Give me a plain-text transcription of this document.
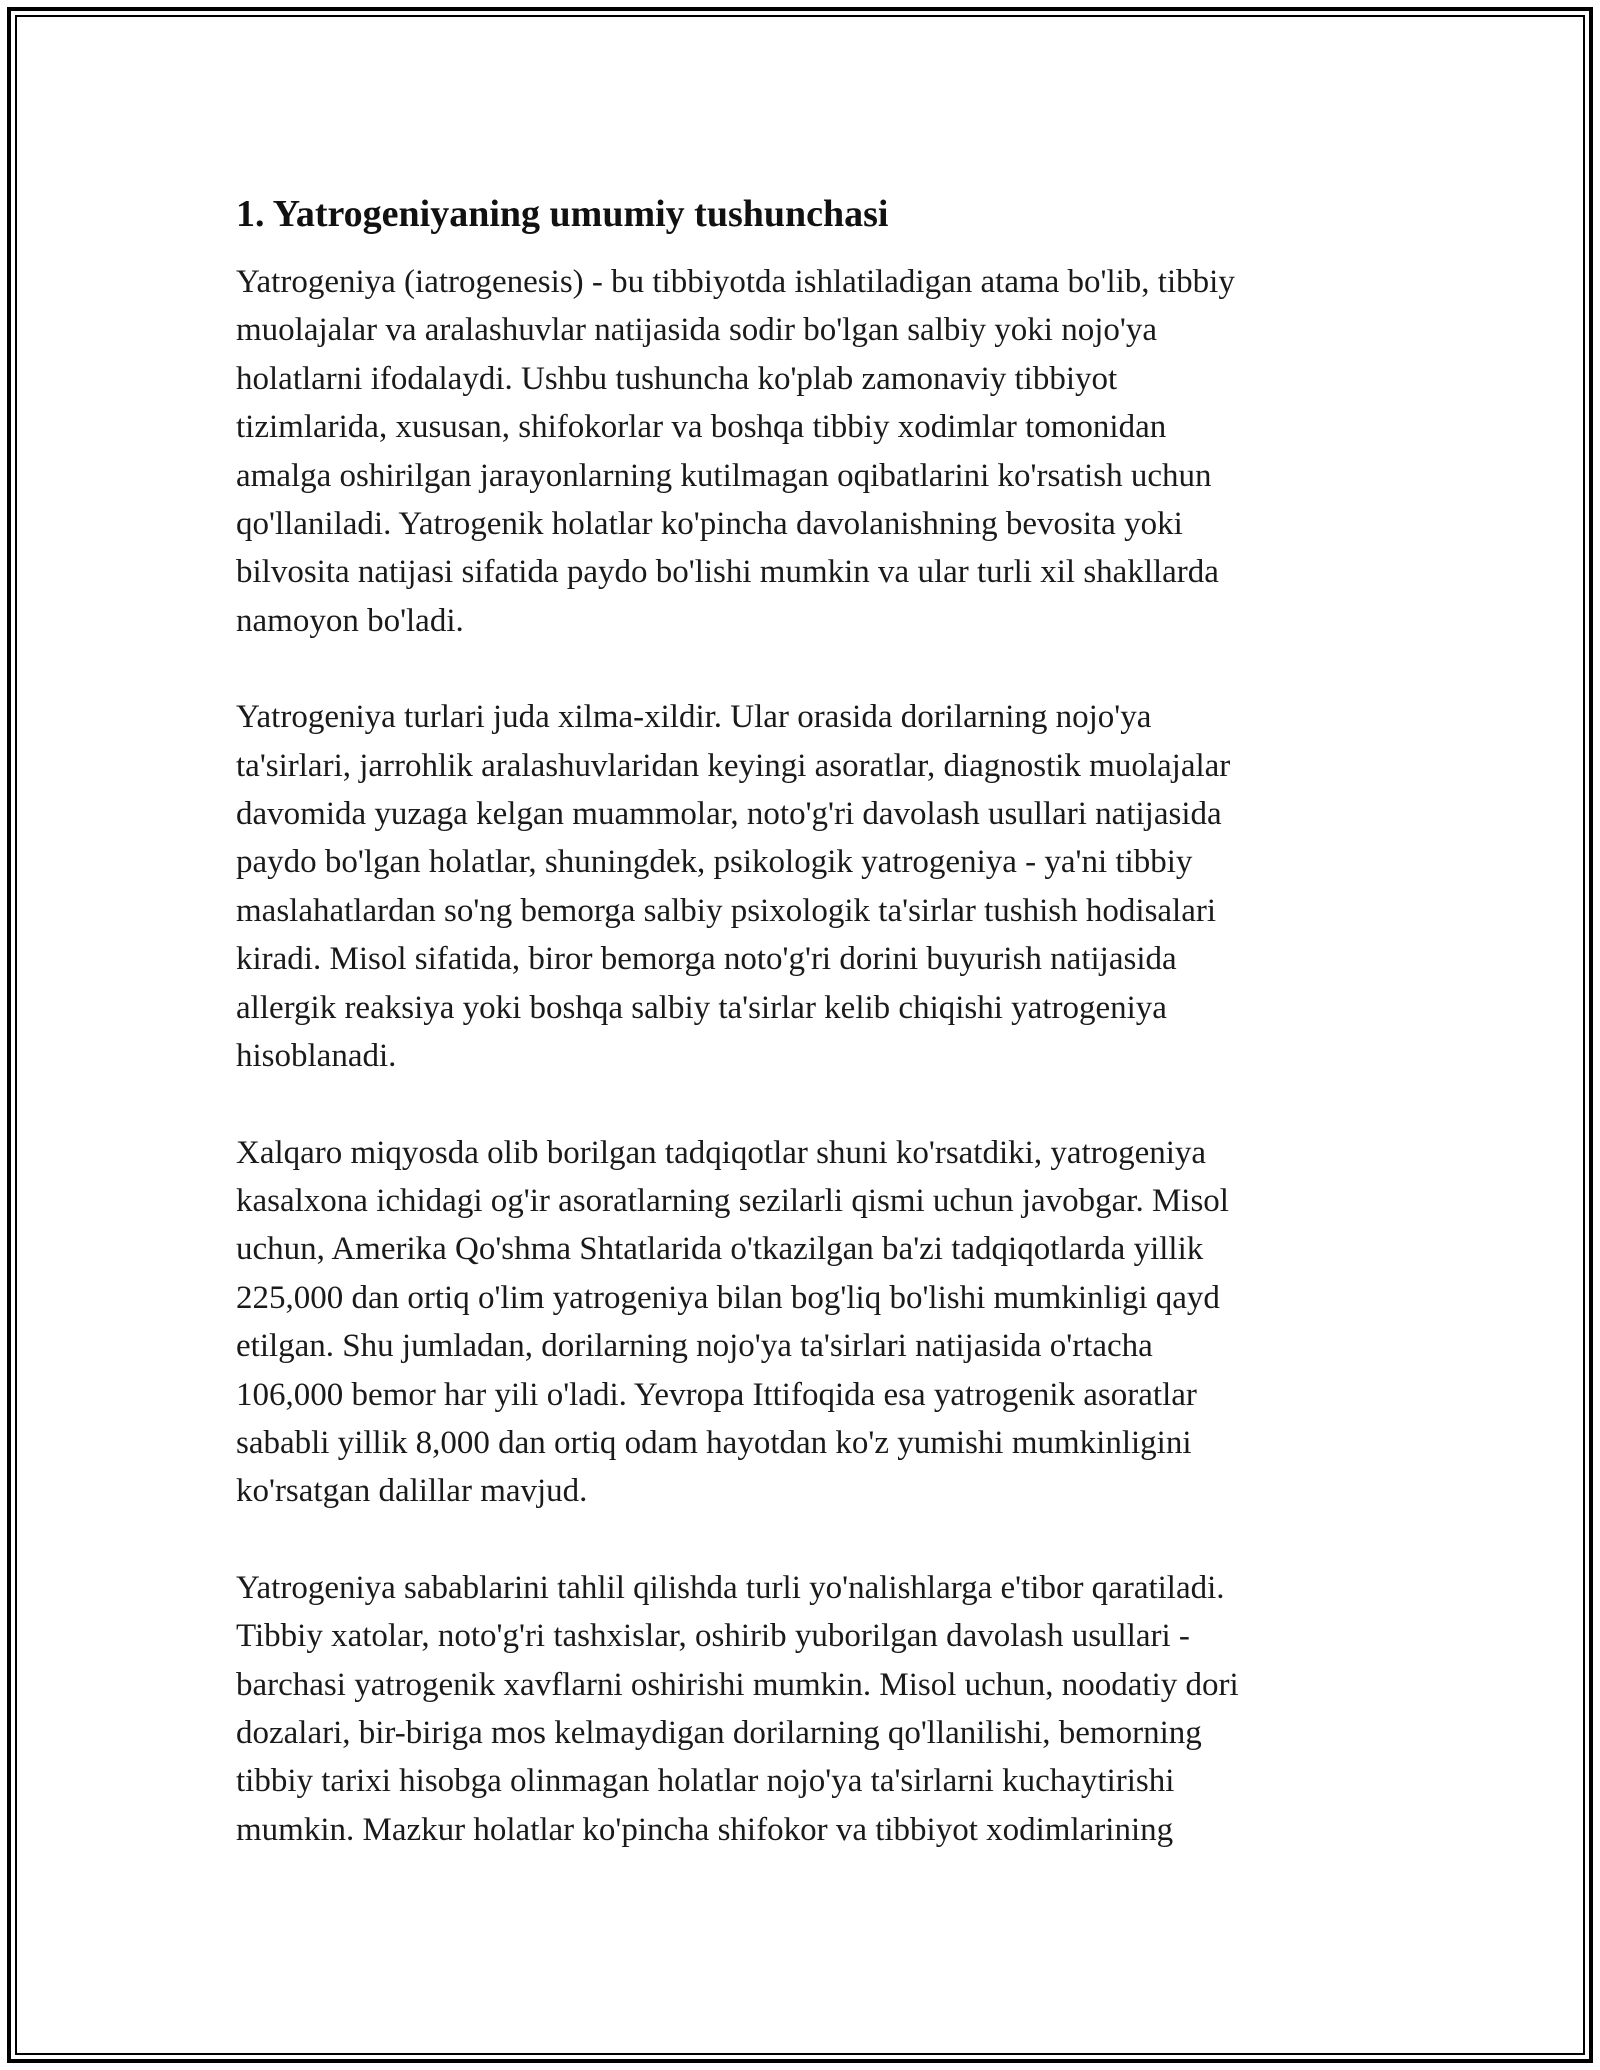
1. Yatrogeniyaning umumiy tushunchasi
Yatrogeniya (iatrogenesis) - bu tibbiyotda ishlatiladigan atama bo'lib, tibbiy
muolajalar va aralashuvlar natijasida sodir bo'lgan salbiy yoki nojo'ya
holatlarni ifodalaydi. Ushbu tushuncha ko'plab zamonaviy tibbiyot
tizimlarida, xususan, shifokorlar va boshqa tibbiy xodimlar tomonidan
amalga oshirilgan jarayonlarning kutilmagan oqibatlarini ko'rsatish uchun
qo'llaniladi. Yatrogenik holatlar ko'pincha davolanishning bevosita yoki
bilvosita natijasi sifatida paydo bo'lishi mumkin va ular turli xil shakllarda
namoyon bo'ladi.
Yatrogeniya turlari juda xilma-xildir. Ular orasida dorilarning nojo'ya
ta'sirlari, jarrohlik aralashuvlaridan keyingi asoratlar, diagnostik muolajalar
davomida yuzaga kelgan muammolar, noto'g'ri davolash usullari natijasida
paydo bo'lgan holatlar, shuningdek, psikologik yatrogeniya - ya'ni tibbiy
maslahatlardan so'ng bemorga salbiy psixologik ta'sirlar tushish hodisalari
kiradi. Misol sifatida, biror bemorga noto'g'ri dorini buyurish natijasida
allergik reaksiya yoki boshqa salbiy ta'sirlar kelib chiqishi yatrogeniya
hisoblanadi.
Xalqaro miqyosda olib borilgan tadqiqotlar shuni ko'rsatdiki, yatrogeniya
kasalxona ichidagi og'ir asoratlarning sezilarli qismi uchun javobgar. Misol
uchun, Amerika Qo'shma Shtatlarida o'tkazilgan ba'zi tadqiqotlarda yillik
225,000 dan ortiq o'lim yatrogeniya bilan bog'liq bo'lishi mumkinligi qayd
etilgan. Shu jumladan, dorilarning nojo'ya ta'sirlari natijasida o'rtacha
106,000 bemor har yili o'ladi. Yevropa Ittifoqida esa yatrogenik asoratlar
sababli yillik 8,000 dan ortiq odam hayotdan ko'z yumishi mumkinligini
ko'rsatgan dalillar mavjud.
Yatrogeniya sabablarini tahlil qilishda turli yo'nalishlarga e'tibor qaratiladi.
Tibbiy xatolar, noto'g'ri tashxislar, oshirib yuborilgan davolash usullari -
barchasi yatrogenik xavflarni oshirishi mumkin. Misol uchun, noodatiy dori
dozalari, bir-biriga mos kelmaydigan dorilarning qo'llanilishi, bemorning
tibbiy tarixi hisobga olinmagan holatlar nojo'ya ta'sirlarni kuchaytirishi
mumkin. Mazkur holatlar ko'pincha shifokor va tibbiyot xodimlarining
